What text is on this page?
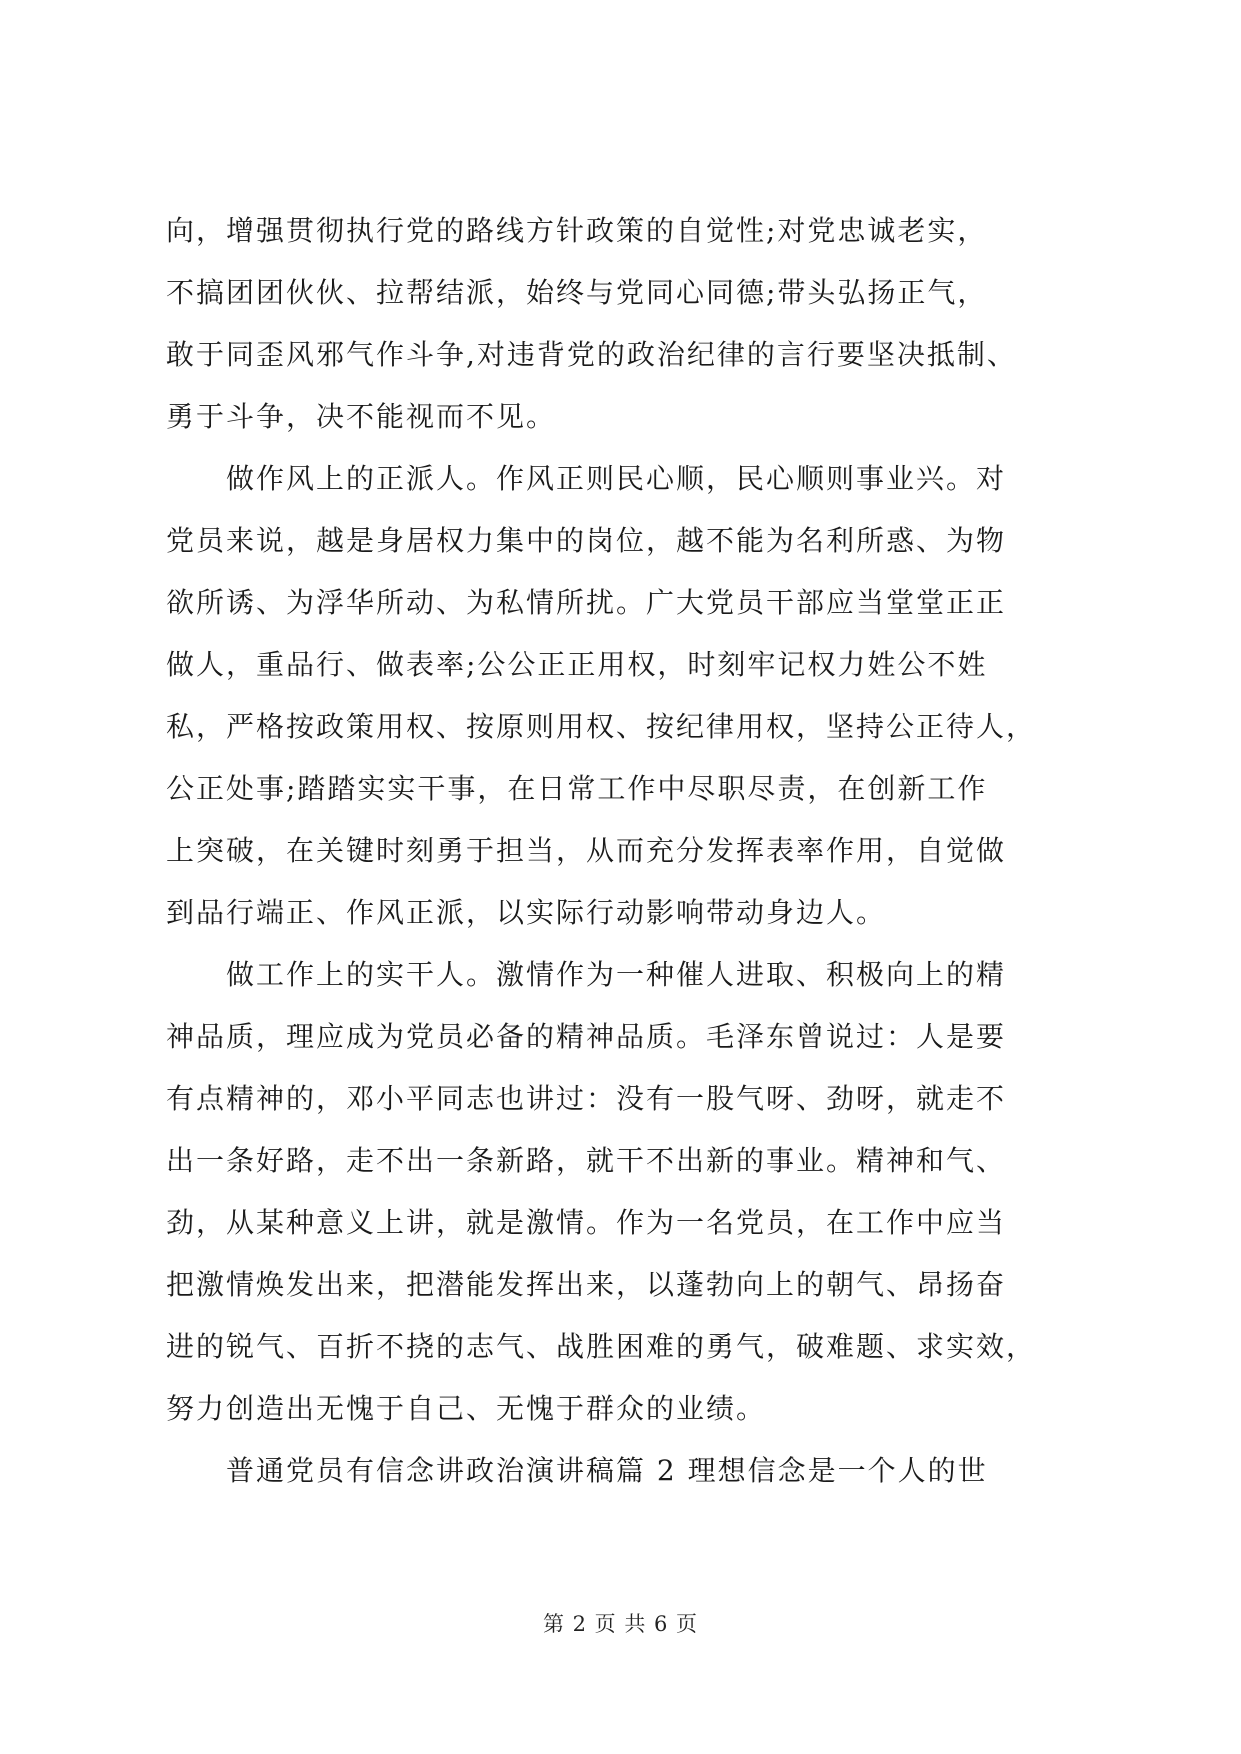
向，增强贯彻执行党的路线方针政策的自觉性;对党忠诚老实，
不搞团团伙伙、拉帮结派，始终与党同心同德;带头弘扬正气，
敢于同歪风邪气作斗争,对违背党的政治纪律的言行要坚决抵制、
勇于斗争，决不能视而不见。
　　做作风上的正派人。作风正则民心顺，民心顺则事业兴。对
党员来说，越是身居权力集中的岗位，越不能为名利所惑、为物
欲所诱、为浮华所动、为私情所扰。广大党员干部应当堂堂正正
做人，重品行、做表率;公公正正用权，时刻牢记权力姓公不姓
私，严格按政策用权、按原则用权、按纪律用权，坚持公正待人，
公正处事;踏踏实实干事，在日常工作中尽职尽责，在创新工作
上突破，在关键时刻勇于担当，从而充分发挥表率作用，自觉做
到品行端正、作风正派，以实际行动影响带动身边人。
　　做工作上的实干人。激情作为一种催人进取、积极向上的精
神品质，理应成为党员必备的精神品质。毛泽东曾说过：人是要
有点精神的，邓小平同志也讲过：没有一股气呀、劲呀，就走不
出一条好路，走不出一条新路，就干不出新的事业。精神和气、
劲，从某种意义上讲，就是激情。作为一名党员，在工作中应当
把激情焕发出来，把潜能发挥出来，以蓬勃向上的朝气、昂扬奋
进的锐气、百折不挠的志气、战胜困难的勇气，破难题、求实效，
努力创造出无愧于自己、无愧于群众的业绩。
　　普通党员有信念讲政治演讲稿篇 2 理想信念是一个人的世
第 2 页 共 6 页
